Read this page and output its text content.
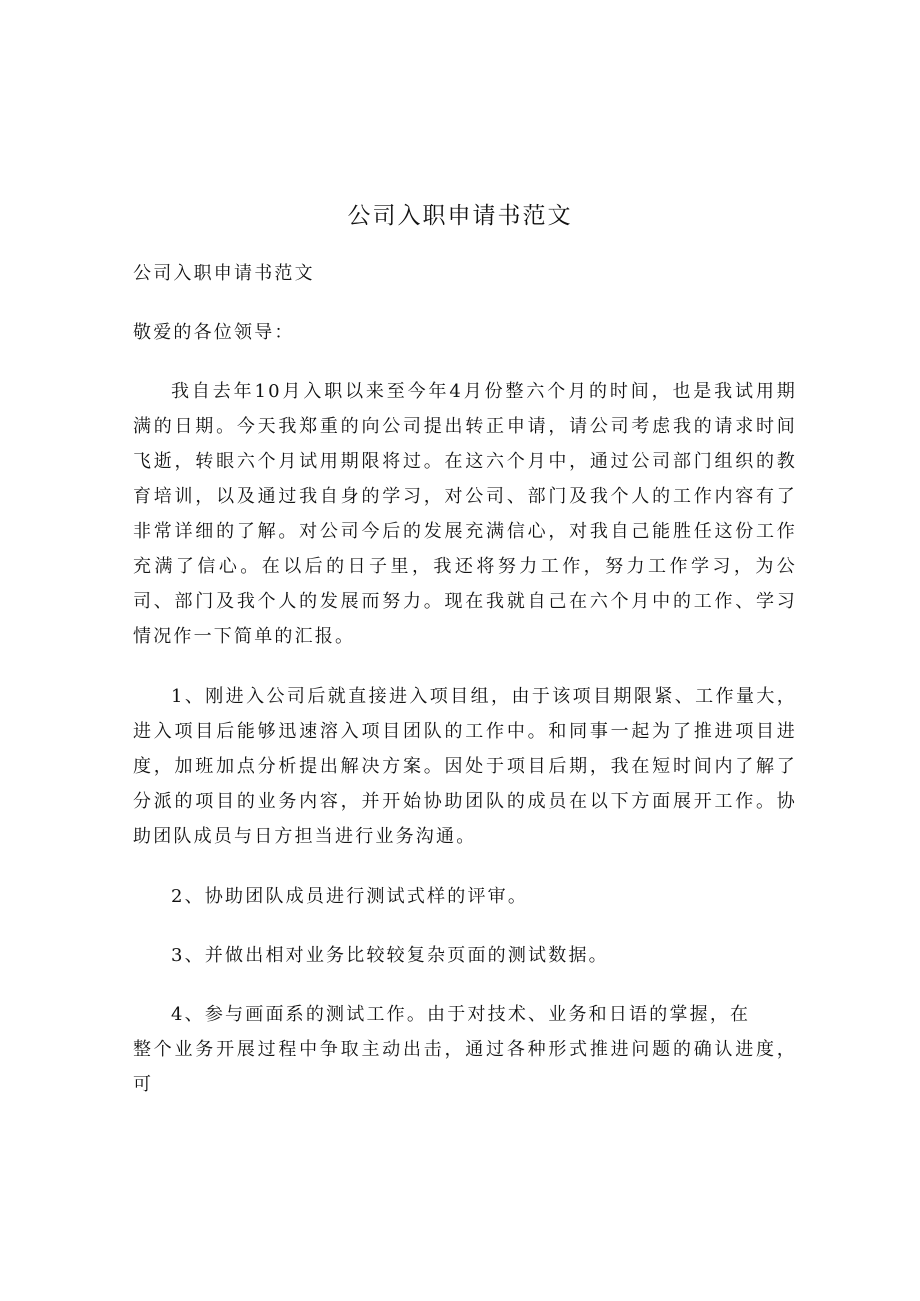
公司入职申请书范文

公司入职申请书范文

敬爱的各位领导：

我自去年10月入职以来至今年4月份整六个月的时间，也是我试用期满的日期。今天我郑重的向公司提出转正申请，请公司考虑我的请求时间飞逝，转眼六个月试用期限将过。在这六个月中，通过公司部门组织的教育培训，以及通过我自身的学习，对公司、部门及我个人的工作内容有了非常详细的了解。对公司今后的发展充满信心，对我自己能胜任这份工作充满了信心。在以后的日子里，我还将努力工作，努力工作学习，为公司、部门及我个人的发展而努力。现在我就自己在六个月中的工作、学习情况作一下简单的汇报。

1、刚进入公司后就直接进入项目组，由于该项目期限紧、工作量大，进入项目后能够迅速溶入项目团队的工作中。和同事一起为了推进项目进度，加班加点分析提出解决方案。因处于项目后期，我在短时间内了解了分派的项目的业务内容，并开始协助团队的成员在以下方面展开工作。协助团队成员与日方担当进行业务沟通。

2、协助团队成员进行测试式样的评审。

3、并做出相对业务比较较复杂页面的测试数据。

4、参与画面系的测试工作。由于对技术、业务和日语的掌握，在
整个业务开展过程中争取主动出击，通过各种形式推进问题的确认进度，可
